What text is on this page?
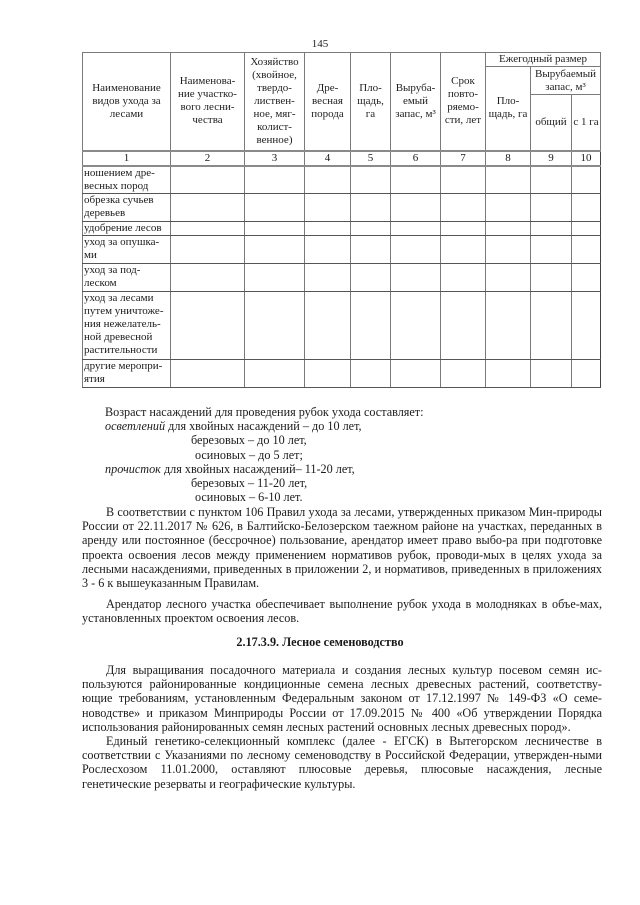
145
Наименование видов ухода за лесами	Наименова-ние участко-вого лесни-чества	Хозяйство (хвойное, твердо-листвен-ное, мяг-колист-венное)	Дре-весная порода	Пло-щадь, га	Выруба-емый запас, м³	Срок повто-ряемо-сти, лет	Ежегодный размер		
							Пло-щадь, га	Вырубаемый запас, м³	
								общий	с 1 га
1	2	3	4	5	6	7	8	9	10
ношением дре-весных пород									
обрезка сучьев деревьев									
удобрение лесов									
уход за опушка-ми									
уход за под-леском									
уход за лесами путем уничтоже-ния нежелатель-ной древесной растительности									
другие меропри-ятия									
Возраст насаждений для проведения рубок ухода составляет:
осветлений для хвойных насаждений – до 10 лет,
березовых – до 10 лет,
осиновых – до 5 лет;
прочисток для хвойных насаждений– 11-20 лет,
березовых – 11-20 лет,
осиновых – 6-10 лет.

В соответствии с пунктом 106 Правил ухода за лесами, утвержденных приказом Мин-природы России от 22.11.2017 № 626, в Балтийско-Белозерском таежном районе на участках, переданных в аренду или постоянное (бессрочное) пользование, арендатор имеет право выбо-ра при подготовке проекта освоения лесов между применением нормативов рубок, проводи-мых в целях ухода за лесными насаждениями, приведенных в приложении 2, и нормативов, приведенных в приложениях 3 - 6 к вышеуказанным Правилам.

Арендатор лесного участка обеспечивает выполнение рубок ухода в молодняках в объе-мах, установленных проектом освоения лесов.

2.17.3.9. Лесное семеноводство

Для выращивания посадочного материала и создания лесных культур посевом семян ис-пользуются районированные кондиционные семена лесных древесных растений, соответству-ющие требованиям, установленным Федеральным законом от 17.12.1997 № 149-ФЗ «О семе-новодстве» и приказом Минприроды России от 17.09.2015 № 400 «Об утверждении Порядка использования районированных семян лесных растений основных лесных древесных пород».

Единый генетико-селекционный комплекс (далее - ЕГСК) в Вытегорском лесничестве в соответствии с Указаниями по лесному семеноводству в Российской Федерации, утвержден-ными Рослесхозом 11.01.2000, оставляют плюсовые деревья, плюсовые насаждения, лесные генетические резерваты и географические культуры.
